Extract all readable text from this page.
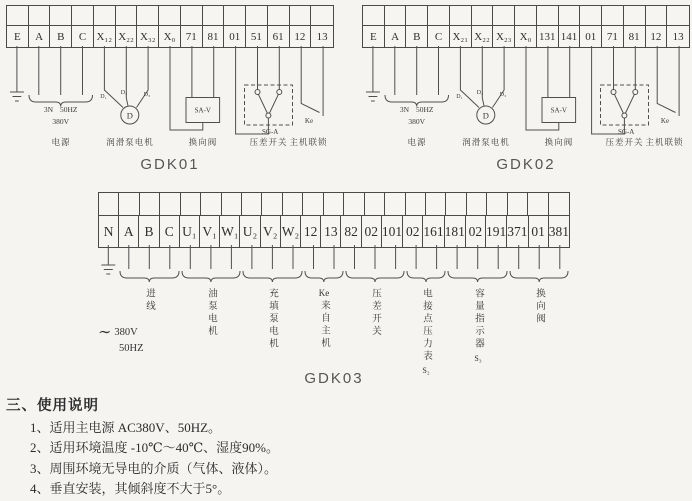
E	A	B	C X₁₂ X₂₂ X₃₂ X₀ 71 81 01 51 61 12	13
3N 50HZ
380V
D
D₁
D₂	D₃
SA-V
SG-A
Ke
电源	润滑泵电机	换向阀	压差开关 主机联锁
GDK01
E	A	B	C X₂₁ X₂₂ X₂₃ X₀ 131 141 01 71 81 12	13
3N 50HZ
380V
D
D₁
D₂	D₃
SA-V
SG-A
Ke
电源	润滑泵电机	换向阀	压差开关 主机联锁
GDK02
N A B C U₁ V₁ W₁ U₂ V₂ W₂ 12 13 82 02 101 02 161 181 02 191 371 01 381
进线	油泵电机	充填泵电机	Ke
来自主机	压差开关	电接点压力表
S₂
容量指示器
S₃
换向阀
∼ 380V
50HZ
GDK03
三、使用说明
1、适用主电源 AC380V、50HZ。
2、适用环境温度 -10℃～40℃、湿度90%。
3、周围环境无导电的介质（气体、液体）。
4、垂直安装，其倾斜度不大于5°。
